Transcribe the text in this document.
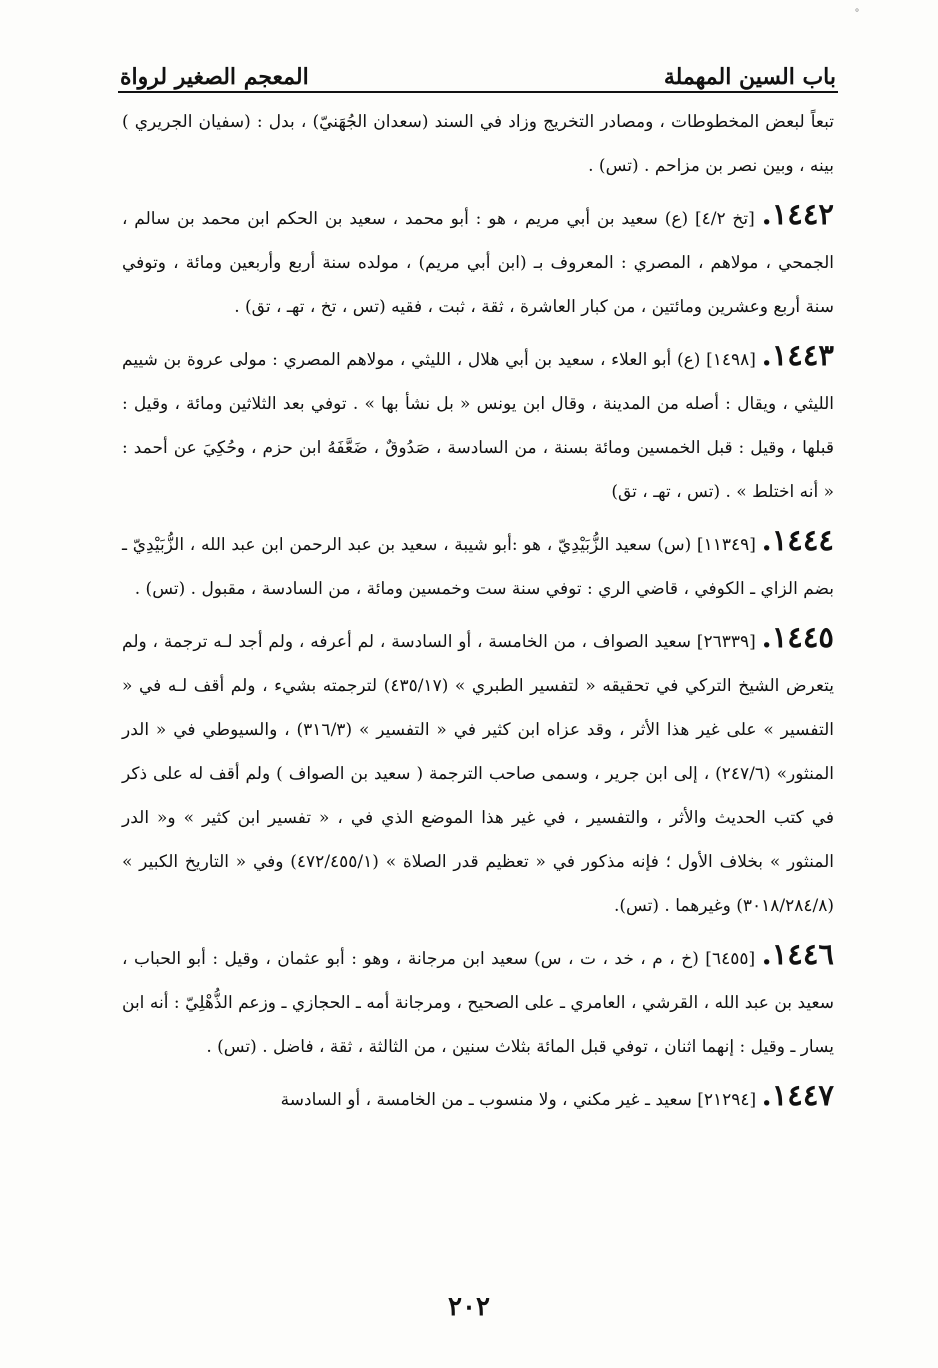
˚
باب السين المهملة
المعجم الصغير لرواة

تبعاً لبعض المخطوطات ، ومصادر التخريج وزاد في السند (سعدان الجُهَنيّ) ، بدل : (سفيان الجريري ) بينه ، وبين نصر بن مزاحم . (تس) .

١٤٤٢. [تخ ٤/٢] (ع) سعيد بن أبي مريم ، هو : أبو محمد ، سعيد بن الحكم ابن محمد بن سالم ، الجمحي ، مولاهم ، المصري : المعروف بـ (ابن أبي مريم) ، مولده سنة أربع وأربعين ومائة ، وتوفي سنة أربع وعشرين ومائتين ، من كبار العاشرة ، ثقة ، ثبت ، فقيه (تس ، تخ ، تهـ ، تق) .

١٤٤٣. [١٤٩٨] (ع) أبو العلاء ، سعيد بن أبي هلال ، الليثي ، مولاهم المصري : مولى عروة بن شييم الليثي ، ويقال : أصله من المدينة ، وقال ابن يونس « بل نشأ بها » . توفي بعد الثلاثين ومائة ، وقيل : قبلها ، وقيل : قبل الخمسين ومائة بسنة ، من السادسة ، صَدُوقٌ ، ضَعَّفَهُ ابن حزم ، وحُكِيَ عن أحمد : « أنه اختلط » . (تس ، تهـ ، تق)

١٤٤٤. [١١٣٤٩] (س) سعيد الزُّبَيْدِيّ ، هو :أبو شيبة ، سعيد بن عبد الرحمن ابن عبد الله ، الزُّبَيْدِيّ ـ بضم الزاي ـ الكوفي ، قاضي الري : توفي سنة ست وخمسين ومائة ، من السادسة ، مقبول . (تس) .

١٤٤٥. [٢٦٣٣٩] سعيد الصواف ، من الخامسة ، أو السادسة ، لم أعرفه ، ولم أجد لـه ترجمة ، ولم يتعرض الشيخ التركي في تحقيقه « لتفسير الطبري » (٤٣٥/١٧) لترجمته بشيء ، ولم أقف لـه في « التفسير » على غير هذا الأثر ، وقد عزاه ابن كثير في « التفسير » (٣١٦/٣) ، والسيوطي في « الدر المنثور» (٢٤٧/٦) ، إلى ابن جرير ، وسمى صاحب الترجمة ( سعيد بن الصواف ) ولم أقف له على ذكر في كتب الحديث والأثر ، والتفسير ، في غير هذا الموضع الذي في ، « تفسير ابن كثير » و« الدر المنثور » بخلاف الأول ؛ فإنه مذكور في « تعظيم قدر الصلاة » (٤٧٢/٤٥٥/١) وفي « التاريخ الكبير » (٣٠١٨/٢٨٤/٨) وغيرهما . (تس).

١٤٤٦. [٦٤٥٥] (خ ، م ، خد ، ت ، س) سعيد ابن مرجانة ، وهو : أبو عثمان ، وقيل : أبو الحباب ، سعيد بن عبد الله ، القرشي ، العامري ـ على الصحيح ، ومرجانة أمه ـ الحجازي ـ وزعم الذُّهْلِيّ : أنه ابن يسار ـ وقيل : إنهما اثنان ، توفي قبل المائة بثلاث سنين ، من الثالثة ، ثقة ، فاضل . (تس) .

١٤٤٧. [٢١٢٩٤] سعيد ـ غير مكني ، ولا منسوب ـ من الخامسة ، أو السادسة

٢٠٢
